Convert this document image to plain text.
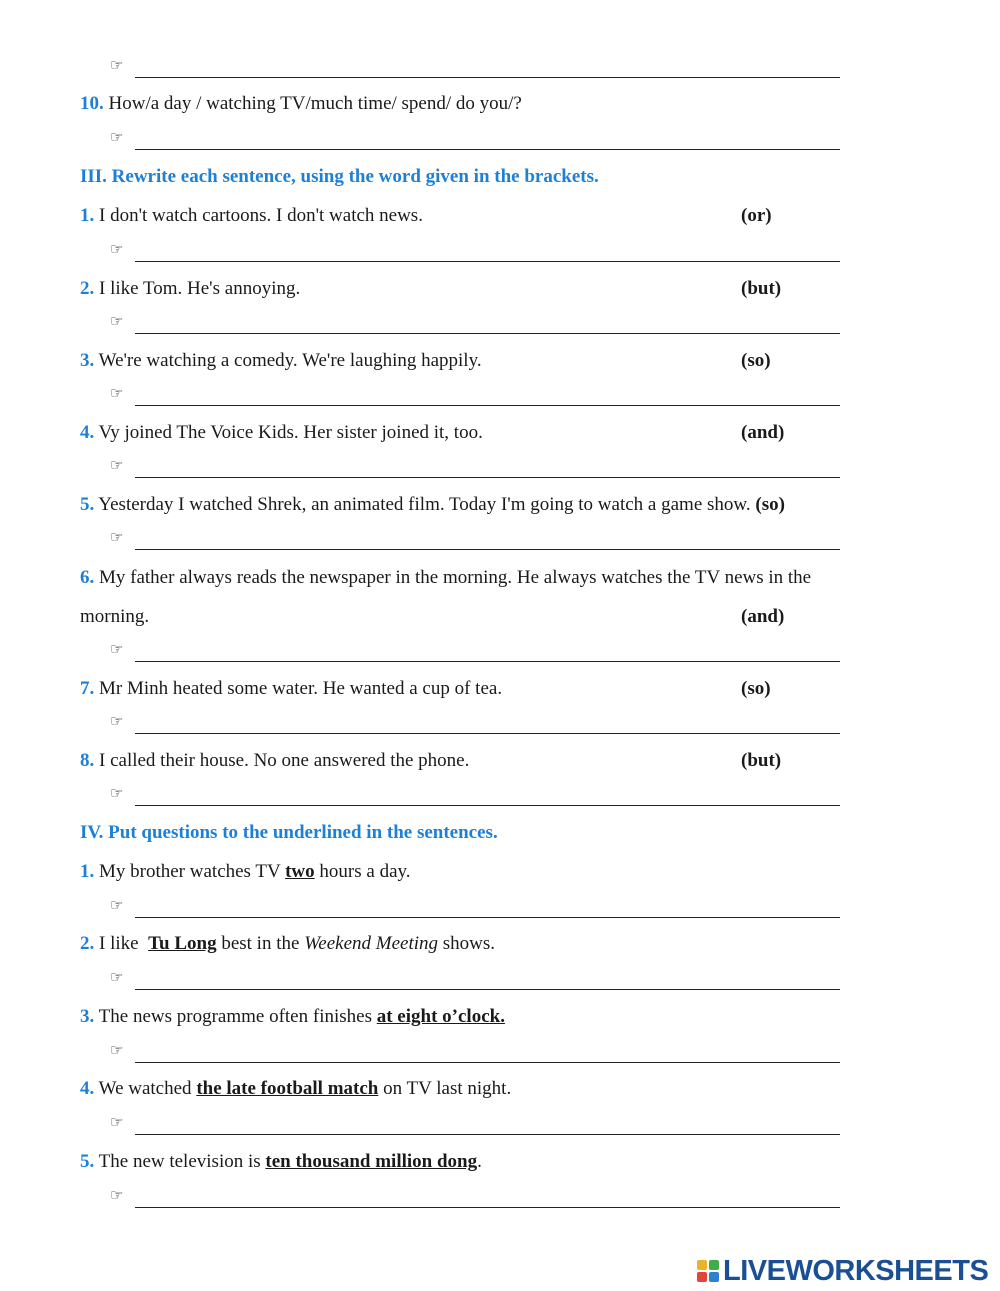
☞
10. How/a day / watching TV/much time/ spend/ do you/?
☞
III. Rewrite each sentence, using the word given in the brackets.
1. I don't watch cartoons. I don't watch news.	(or)
☞
2. I like Tom. He's annoying.	(but)
☞
3. We're watching a comedy. We're laughing happily.	(so)
☞
4. Vy joined The Voice Kids. Her sister joined it, too.	(and)
☞
5. Yesterday I watched Shrek, an animated film. Today I'm going to watch a game show. (so)
☞
6. My father always reads the newspaper in the morning. He always watches the TV news in the
morning.	(and)
☞
7. Mr Minh heated some water. He wanted a cup of tea.	(so)
☞
8. I called their house. No one answered the phone.	(but)
☞
IV. Put questions to the underlined in the sentences.
1. My brother watches TV two hours a day.
☞
2. I like  Tu Long best in the Weekend Meeting shows.
☞
3. The news programme often finishes at eight o’clock.
☞
4. We watched the late football match on TV last night.
☞
5. The new television is ten thousand million dong.
☞
LIVEWORKSHEETS
